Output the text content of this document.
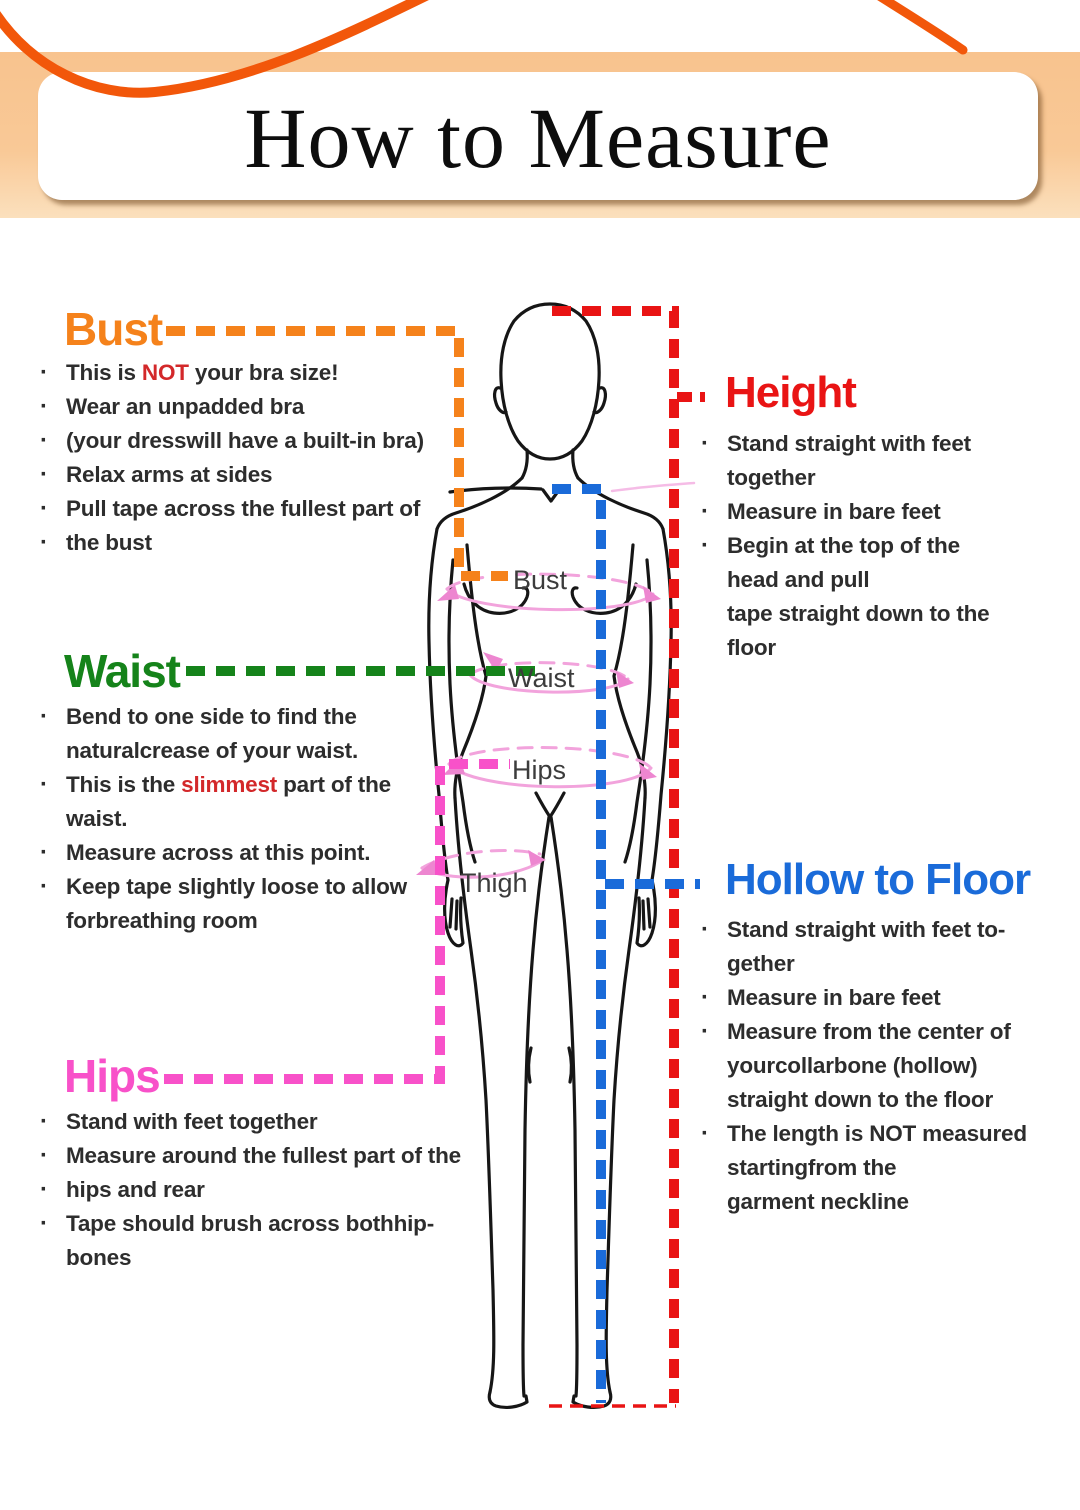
How to Measure
Bust
Waist
Hips
Thigh
Bust
Waist
Hips
Height
Hollow to Floor
· This is NOT your bra size!
· Wear an unpadded bra
· (your dresswill have a built-in bra)
· Relax arms at sides
· Pull tape across the fullest part of
· the bust
· Bend to one side to find the
naturalcrease of your waist.
· This is the slimmest part of the
waist.
· Measure across at this point.
· Keep tape slightly loose to allow
forbreathing room
· Stand with feet together
· Measure around the fullest part of the
· hips and rear
· Tape should brush across bothhip-
bones
· Stand straight with feet
together
· Measure in bare feet
· Begin at the top of the
head and pull
tape straight down to the
floor
· Stand straight with feet to-
gether
· Measure in bare feet
· Measure from the center of
yourcollarbone (hollow)
straight down to the floor
· The length is NOT measured
startingfrom the
garment neckline
